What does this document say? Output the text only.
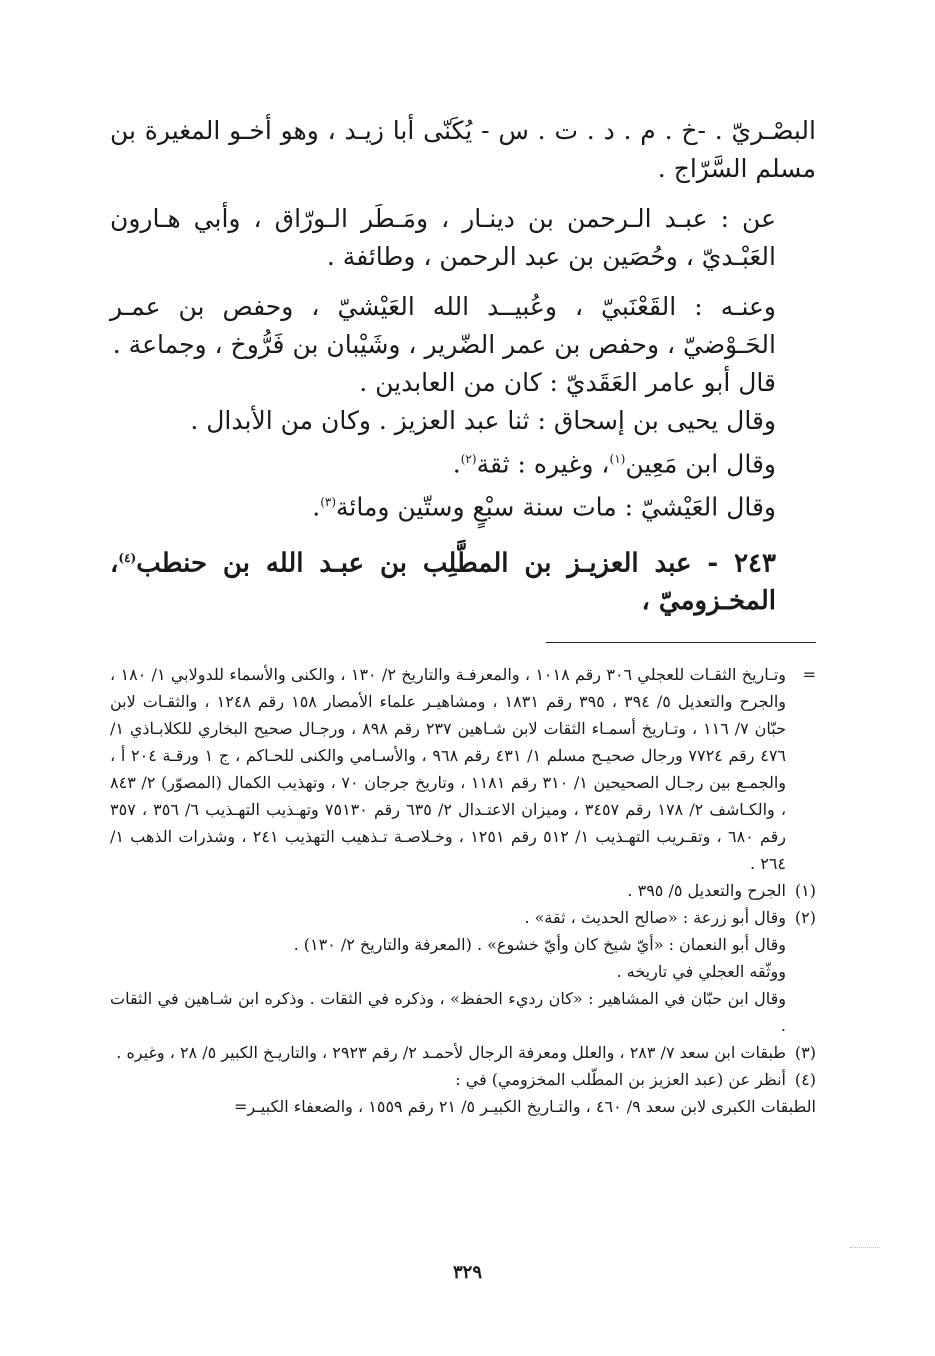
البصْـريّ . -خ . م . د . ت . س - يُكَنّى أبا زيـد ، وهو أخـو المغيرة بن مسلم السَّرّاج .

عن : عبـد الـرحمن بن دينـار ، ومَـطَر الـورّاق ، وأبي هـارون العَبْـديّ ، وحُصَين بن عبد الرحمن ، وطائفة .

وعنـه : القَعْنَبيّ ، وعُبيــد الله العَيْشيّ ، وحفص بن عمـر الحَـوْضيّ ، وحفص بن عمر الضّرير ، وشَيْبان بن فَرُّوخ ، وجماعة .

قال أبو عامر العَقَديّ : كان من العابدين .

وقال يحيى بن إسحاق : ثنا عبد العزيز . وكان من الأبدال .

وقال ابن مَعِين$^{(١)}$، وغيره : ثقة$^{(٢)}$.

وقال العَيْشيّ : مات سنة سبْعٍ وستّين ومائة$^{(٣)}$.

٢٤٣ - عبد العزيـز بن المطَّلِب بن عبـد الله بن حنطب$^{(٤)}$، المخـزوميّ ،

=

وتـاريخ الثقـات للعجلي ٣٠٦ رقم ١٠١٨ ، والمعرفـة والتاريخ ٢/ ١٣٠ ، والكنى والأسماء للدولابي ١/ ١٨٠ ، والجرح والتعديل ٥/ ٣٩٤ ، ٣٩٥ رقم ١٨٣١ ، ومشاهيـر علماء الأمصار ١٥٨ رقم ١٢٤٨ ، والثقـات لابن حبّان ٧/ ١١٦ ، وتـاريخ أسمـاء الثقات لابن شـاهين ٢٣٧ رقم ٨٩٨ ، ورجـال صحيح البخاري للكلابـاذي ١/ ٤٧٦ رقم ٧٧٢٤ ورجال صحيـح مسلم ١/ ٤٣١ رقم ٩٦٨ ، والأسـامي والكنى للحـاكم ، ج ١ ورقـة ٢٠٤ أ ، والجمـع بين رجـال الصحيحين ١/ ٣١٠ رقم ١١٨١ ، وتاريخ جرجان ٧٠ ، وتهذيب الكمال (المصوّر) ٢/ ٨٤٣ ، والكـاشف ٢/ ١٧٨ رقم ٣٤٥٧ ، وميزان الاعتـدال ٢/ ٦٣٥ رقم ٧٥١٣٠ وتهـذيب التهـذيب ٦/ ٣٥٦ ، ٣٥٧ رقم ٦٨٠ ، وتقـريب التهـذيب ١/ ٥١٢ رقم ١٢٥١ ، وخـلاصـة تـذهيب التهذيب ٢٤١ ، وشذرات الذهب ١/ ٢٦٤ .

(١)

الجرح والتعديل ٥/ ٣٩٥ .

(٢)

وقال أبو زرعة : «صالح الحديث ، ثقة» .

وقال أبو النعمان : «أيّ شيخ كان وأيّ خشوع» . (المعرفة والتاريخ ٢/ ١٣٠) .

ووثّقه العجلي في تاريخه .

وقال ابن حبّان في المشاهير : «كان رديء الحفظ» ، وذكره في الثقات . وذكره ابن شـاهين في الثقات .

(٣)

طبقات ابن سعد ٧/ ٢٨٣ ، والعلل ومعرفة الرجال لأحمـد ٢/ رقم ٢٩٢٣ ، والتاريـخ الكبير ٥/ ٢٨ ، وغيره .

(٤)

أنظر عن (عبد العزيز بن المطّلب المخزومي) في :

الطبقات الكبرى لابن سعد ٩/ ٤٦٠ ، والتـاريخ الكبيـر ٥/ ٢١ رقم ١٥٥٩ ، والضعفاء الكبيـر=

٣٢٩
